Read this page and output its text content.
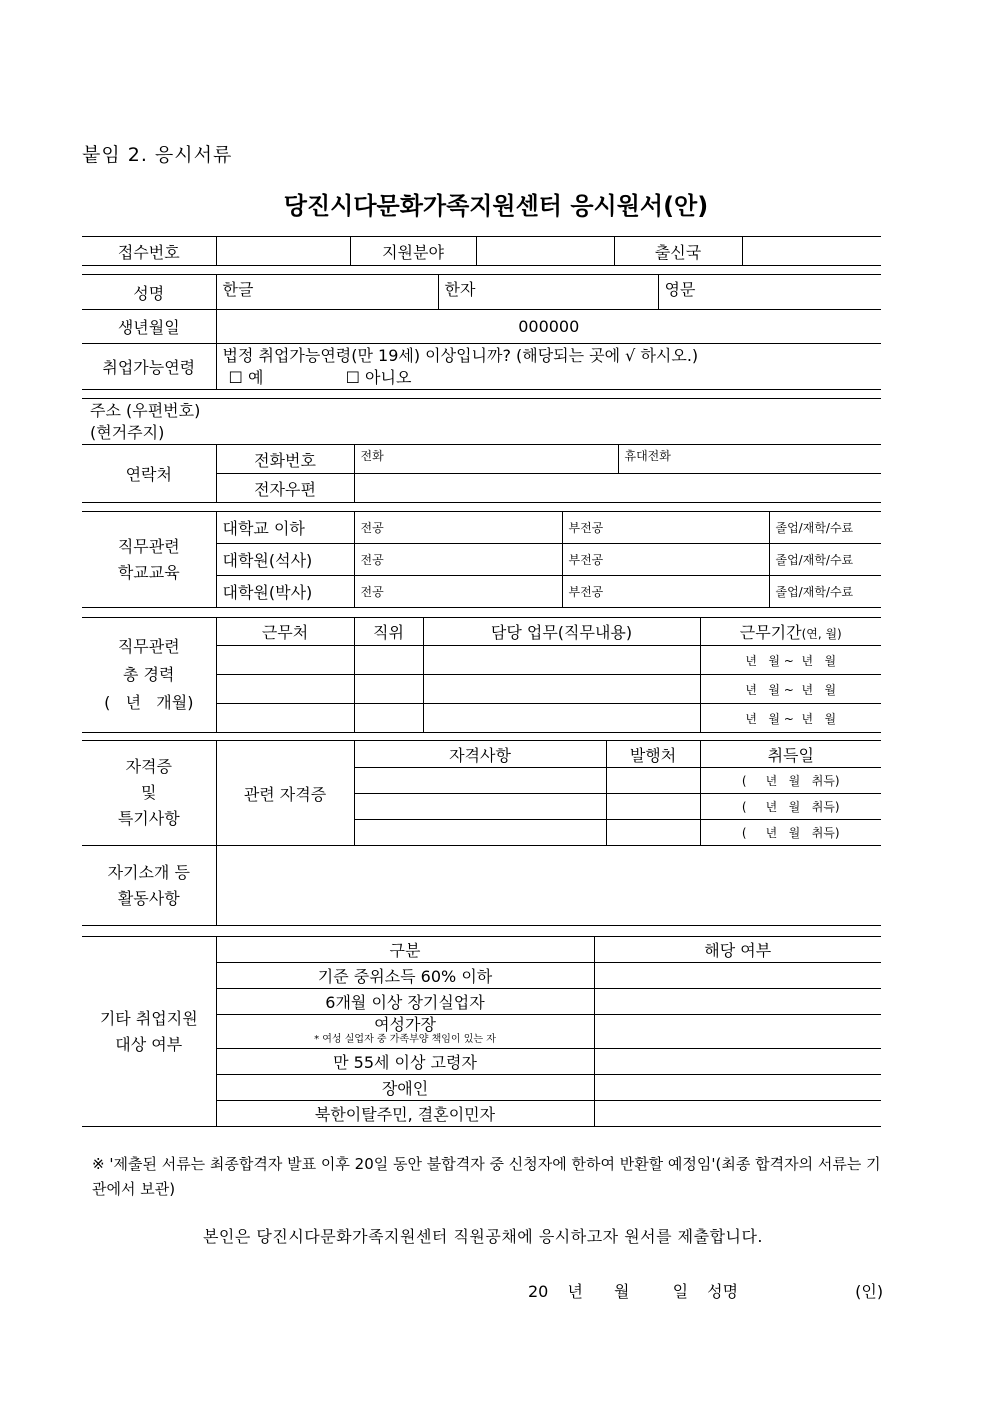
붙임 2. 응시서류
당진시다문화가족지원센터 응시원서(안)
접수번호		지원분야		출신국	
성명	한글	한자	영문
생년월일	000000		
취업가능연령	법정 취업가능연령(만 19세) 이상입니까? (해당되는 곳에 √ 하시오.)
☐ 예 ☐ 아니오		
주소 (우편번호)
(현거주지)			

연락처	전화번호	전화	휴대전화
	전자우편		
직무관련
학교교육	대학교 이하	전공	부전공	졸업/재학/수료
	대학원(석사)	전공	부전공	졸업/재학/수료
	대학원(박사)	전공	부전공	졸업/재학/수료
직무관련
총 경력
(   년   개월)	근무처	직위	담당 업무(직무내용)	근무기간(연, 월)
				년   월 ~  년   월
				년   월 ~  년   월
				년   월 ~  년   월
자격증
및
특기사항	관련 자격증	자격사항	발행처	취득일
				(     년   월   취득)
				(     년   월   취득)
				(     년   월   취득)

자기소개 등
활동사항				

기타 취업지원
대상 여부	구분	해당 여부
	기준 중위소득 60% 이하	
	6개월 이상 장기실업자	

	여성가장
* 여성 실업자 중 가족부양 책임이 있는 자	

	만 55세 이상 고령자	
	장애인	
	북한이탈주민, 결혼이민자	
※ '제출된 서류는 최종합격자 발표 이후 20일 동안 불합격자 중 신청자에 한하여 반환할 예정임'(최종 합격자의 서류는 기관에서 보관)
본인은 당진시다문화가족지원센터 직원공채에 응시하고자 원서를 제출합니다.
20 년 월	일 성명	(인)
